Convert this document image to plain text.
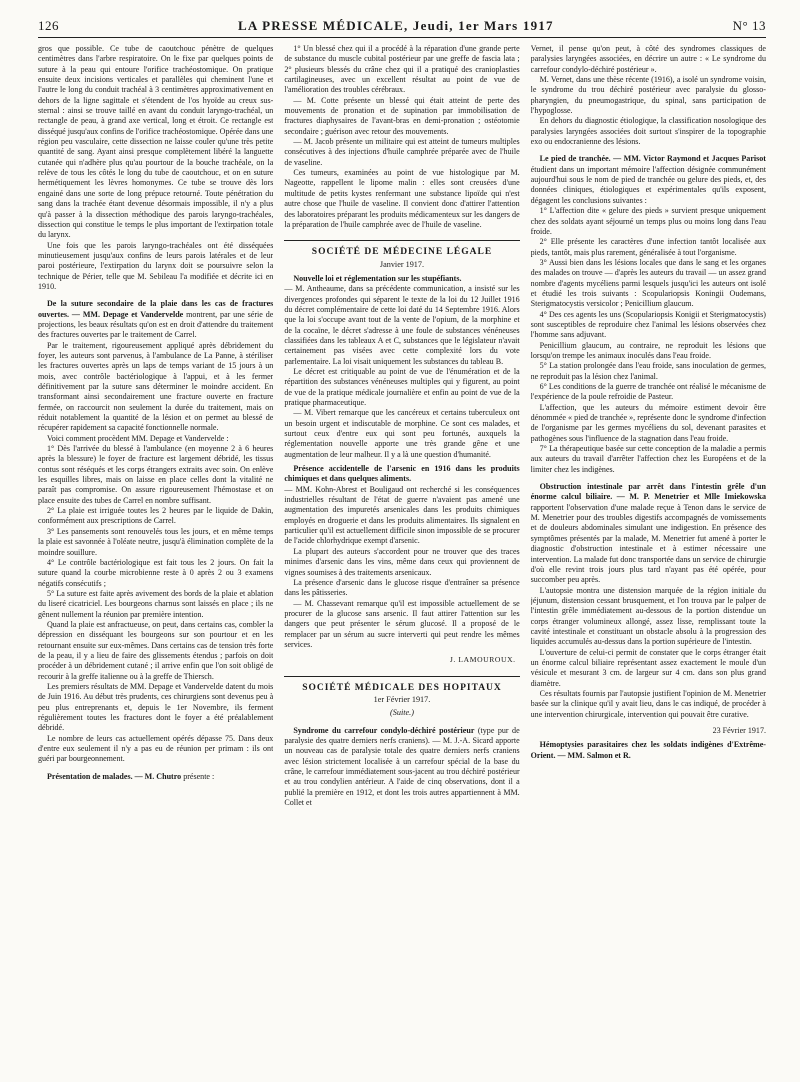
126	LA PRESSE MÉDICALE, Jeudi, 1er Mars 1917	N° 13

gros que possible. Ce tube de caoutchouc pénètre de quelques centimètres dans l'arbre respiratoire. On le fixe par quelques points de suture à la peau qui entoure l'orifice trachéostomique. On pratique ensuite deux incisions verticales et parallèles qui cheminent l'une et l'autre le long du conduit trachéal à 3 centimètres approximativement en dehors de la ligne sagittale et s'étendent de l'os hyoïde au creux sus-sternal : ainsi se trouve taillé en avant du conduit laryngo-trachéal, un rectangle de peau, à grand axe vertical, long et étroit. Ce rectangle est disséqué jusqu'aux confins de l'orifice trachéostomique. Opérée dans une région peu vasculaire, cette dissection ne laisse couler qu'une très petite quantité de sang. Ayant ainsi presque complètement libéré la languette cutanée qui n'adhère plus qu'au pourtour de la bouche trachéale, on la relève de tous les côtés le long du tube de caoutchouc, et on en suture hermétiquement les lèvres homonymes. Ce tube se trouve dès lors engainé dans une sorte de long prépuce retourné. Toute pénétration du sang dans la trachée étant devenue désormais impossible, il n'y a plus qu'à passer à la dissection méthodique des parois laryngo-trachéales, dissection qui constitue le temps le plus important de l'extirpation totale du larynx.

Une fois que les parois laryngo-trachéales ont été disséquées minutieusement jusqu'aux confins de leurs parois latérales et de leur paroi postérieure, l'extirpation du larynx doit se poursuivre selon la technique de Périer, telle que M. Sebileau l'a modifiée et décrite ici en 1910.

De la suture secondaire de la plaie dans les cas de fractures ouvertes. — MM. Depage et Vandervelde montrent, par une série de projections, les beaux résultats qu'on est en droit d'attendre du traitement des fractures ouvertes par le traitement de Carrel.

Par le traitement, rigoureusement appliqué après débridement du foyer, les auteurs sont parvenus, à l'ambulance de La Panne, à stériliser les fractures ouvertes après un laps de temps variant de 15 jours à un mois, avec contrôle bactériologique à l'appui, et à les fermer définitivement par la suture sans déterminer le moindre accident. En transformant ainsi secondairement une fracture ouverte en fracture fermée, on raccourcit non seulement la durée du traitement, mais on réduit notablement la quantité de la lésion et on permet au blessé de récupérer rapidement sa capacité fonctionnelle normale.

Voici comment procèdent MM. Depage et Vandervelde :

1° Dès l'arrivée du blessé à l'ambulance (en moyenne 2 à 6 heures après la blessure) le foyer de fracture est largement débridé, les tissus contus sont réséqués et les corps étrangers extraits avec soin. On enlève les esquilles libres, mais on laisse en place celles dont la vitalité ne paraît pas compromise. On assure rigoureusement l'hémostase et on place ensuite des tubes de Carrel en nombre suffisant.

2° La plaie est irriguée toutes les 2 heures par le liquide de Dakin, conformément aux prescriptions de Carrel.

3° Les pansements sont renouvelés tous les jours, et en même temps la plaie est savonnée à l'oléate neutre, jusqu'à élimination complète de la moindre souillure.

4° Le contrôle bactériologique est fait tous les 2 jours. On fait la suture quand la courbe microbienne reste à 0 après 2 ou 3 examens négatifs consécutifs ;

5° La suture est faite après avivement des bords de la plaie et ablation du liseré cicatriciel. Les bourgeons charnus sont laissés en place ; ils ne gênent nullement la réunion par première intention.

Quand la plaie est anfractueuse, on peut, dans certains cas, combler la dépression en disséquant les bourgeons sur son pourtour et en les retournant ensuite sur eux-mêmes. Dans certains cas de tension très forte de la peau, il y a lieu de faire des glissements étendus ; parfois on doit procéder à un débridement cutané ; il arrive enfin que l'on soit obligé de recourir à la greffe italienne ou à la greffe de Thiersch.

Les premiers résultats de MM. Depage et Vandervelde datent du mois de Juin 1916. Au début très prudents, ces chirurgiens sont devenus peu à peu plus entreprenants et, depuis le 1er Novembre, ils ferment régulièrement toutes les fractures dont le foyer a été préalablement débridé.

Le nombre de leurs cas actuellement opérés dépasse 75. Dans deux d'entre eux seulement il n'y a pas eu de réunion per primam : ils ont guéri par bourgeonnement.

Présentation de malades. — M. Chutro présente :

1° Un blessé chez qui il a procédé à la réparation d'une grande perte de substance du muscle cubital postérieur par une greffe de fascia lata ; 2° plusieurs blessés du crâne chez qui il a pratiqué des cranioplasties cartilagineuses, avec un excellent résultat au point de vue de l'amélioration des troubles cérébraux.

— M. Cotte présente un blessé qui était atteint de perte des mouvements de pronation et de supination par immobilisation de fractures diaphysaires de l'avant-bras en demi-pronation ; ostéotomie secondaire ; guérison avec retour des mouvements.

— M. Jacob présente un militaire qui est atteint de tumeurs multiples consécutives à des injections d'huile camphrée préparée avec de l'huile de vaseline.

Ces tumeurs, examinées au point de vue histologique par M. Nageotte, rappellent le lipome malin : elles sont creusées d'une multitude de petits kystes renfermant une substance lipoïde qui n'est autre chose que l'huile de vaseline. Il convient donc d'attirer l'attention des laboratoires préparant les produits médicamenteux sur les dangers de la préparation de l'huile camphrée avec de l'huile de vaseline.

SOCIÉTÉ DE MÉDECINE LÉGALE
Janvier 1917.

Nouvelle loi et réglementation sur les stupéfiants.

— M. Antheaume, dans sa précédente communication, a insisté sur les divergences profondes qui séparent le texte de la loi du 12 Juillet 1916 du décret complémentaire de cette loi daté du 14 Septembre 1916. Alors que la loi s'occupe avant tout de la vente de l'opium, de la morphine et de la cocaïne, le décret s'adresse à une foule de substances vénéneuses classifiées dans les tableaux A et C, substances que le législateur n'avait certainement pas visées avec cette complexité lors du vote parlementaire. La loi visait uniquement les substances du tableau B.

Le décret est critiquable au point de vue de l'énumération et de la répartition des substances vénéneuses multiples qui y figurent, au point de vue de la pratique médicale journalière et enfin au point de vue de la pratique pharmaceutique.

— M. Vibert remarque que les cancéreux et certains tuberculeux ont un besoin urgent et indiscutable de morphine. Ce sont ces malades, et surtout ceux d'entre eux qui sont peu fortunés, auxquels la réglementation nouvelle apporte une très grande gêne et une augmentation de leur malheur. Il y a là une question d'humanité.

Présence accidentelle de l'arsenic en 1916 dans les produits chimiques et dans quelques aliments.

— MM. Kohn-Abrest et Bouligaud ont recherché si les conséquences industrielles résultant de l'état de guerre n'avaient pas amené une augmentation des impuretés arsenicales dans les produits chimiques employés en droguerie et dans les produits alimentaires. Ils signalent en particulier qu'il est actuellement difficile sinon impossible de se procurer de l'acide chlorhydrique exempt d'arsenic.

La plupart des auteurs s'accordent pour ne trouver que des traces minimes d'arsenic dans les vins, même dans ceux qui proviennent de vignes soumises à des traitements arsenicaux.

La présence d'arsenic dans le glucose risque d'entraîner sa présence dans les pâtisseries.

— M. Chassevant remarque qu'il est impossible actuellement de se procurer de la glucose sans arsenic. Il faut attirer l'attention sur les dangers que peut présenter le sérum glucosé. Il a proposé de le remplacer par un sérum au sucre interverti qui peut rendre les mêmes services.

J. LAMOUROUX.

SOCIÉTÉ MÉDICALE DES HOPITAUX
1er Février 1917.
(Suite.)

Syndrome du carrefour condylo-déchiré postérieur (type pur de paralysie des quatre derniers nerfs craniens). — M. J.-A. Sicard apporte un nouveau cas de paralysie totale des quatre derniers nerfs craniens avec lésion strictement localisée à un carrefour spécial de la base du crâne, le carrefour immédiatement sous-jacent au trou déchiré postérieur et au trou condylien antérieur. A l'aide de cinq observations, dont il a publié la première en 1912, et dont les trois autres appartiennent à MM. Collet et

Vernet, il pense qu'on peut, à côté des syndromes classiques de paralysies laryngées associées, en décrire un autre : « Le syndrome du carrefour condylo-déchiré postérieur ».

M. Vernet, dans une thèse récente (1916), a isolé un syndrome voisin, le syndrome du trou déchiré postérieur avec paralysie du glosso-pharyngien, du pneumogastrique, du spinal, sans participation de l'hypoglosse.

En dehors du diagnostic étiologique, la classification nosologique des paralysies laryngées associées doit surtout s'inspirer de la topographie exo ou endocranienne des lésions.

Le pied de tranchée. — MM. Victor Raymond et Jacques Parisot étudient dans un important mémoire l'affection désignée communément aujourd'hui sous le nom de pied de tranchée ou gelure des pieds, et, des données cliniques, étiologiques et expérimentales qu'ils exposent, dégagent les conclusions suivantes :

1° L'affection dite « gelure des pieds » survient presque uniquement chez des soldats ayant séjourné un temps plus ou moins long dans l'eau froide.

2° Elle présente les caractères d'une infection tantôt localisée aux pieds, tantôt, mais plus rarement, généralisée à tout l'organisme.

3° Aussi bien dans les lésions locales que dans le sang et les organes des malades on trouve — d'après les auteurs du travail — un assez grand nombre d'agents mycéliens parmi lesquels jusqu'ici les auteurs ont isolé et étudié les trois suivants : Scopulariopsis Koningii Oudemans, Sterigmatocystis versicolor ; Penicillium glaucum.

4° Des ces agents les uns (Scopulariopsis Konigii et Sterigmatocystis) sont susceptibles de reproduire chez l'animal les lésions observées chez l'homme sans adjuvant.

Penicillium glaucum, au contraire, ne reproduit les lésions que lorsqu'on trempe les animaux inoculés dans l'eau froide.

5° La station prolongée dans l'eau froide, sans inoculation de germes, ne reproduit pas la lésion chez l'animal.

6° Les conditions de la guerre de tranchée ont réalisé le mécanisme de l'expérience de la poule refroidie de Pasteur.

L'affection, que les auteurs du mémoire estiment devoir être dénommée « pied de tranchée », représente donc le syndrome d'infection de l'organisme par les germes mycéliens du sol, devenant parasites et pathogènes sous l'influence de la stagnation dans l'eau froide.

7° La thérapeutique basée sur cette conception de la maladie a permis aux auteurs du travail d'arrêter l'affection chez les Européens et de la limiter chez les indigènes.

Obstruction intestinale par arrêt dans l'intestin grêle d'un énorme calcul biliaire. — M. P. Menetrier et Mlle Imiekowska rapportent l'observation d'une malade reçue à Tenon dans le service de M. Menetrier pour des troubles digestifs accompagnés de vomissements et de douleurs abdominales simulant une indigestion. En présence des symptômes présentés par la malade, M. Menetrier fut amené à porter le diagnostic d'obstruction intestinale et à estimer nécessaire une intervention. La malade fut donc transportée dans un service de chirurgie d'où elle revint trois jours plus tard n'ayant pas été opérée, pour succomber peu après.

L'autopsie montra une distension marquée de la région initiale du jéjunum, distension cessant brusquement, et l'on trouva par le palper de l'intestin grêle immédiatement au-dessous de la portion distendue un corps étranger volumineux allongé, assez lisse, remplissant toute la cavité intestinale et constituant un obstacle absolu à la progression des liquides accumulés au-dessus dans la portion supérieure de l'intestin.

L'ouverture de celui-ci permit de constater que le corps étranger était un énorme calcul biliaire représentant assez exactement le moule d'un vésicule et mesurant 3 cm. de largeur sur 4 cm. dans son plus grand diamètre.

Ces résultats fournis par l'autopsie justifient l'opinion de M. Menetrier basée sur la clinique qu'il y avait lieu, dans le cas indiqué, de procéder à une intervention chirurgicale, intervention qui pouvait être curative.

23 Février 1917.

Hémoptysies parasitaires chez les soldats indigènes d'Extrême-Orient. — MM. Salmon et R.
